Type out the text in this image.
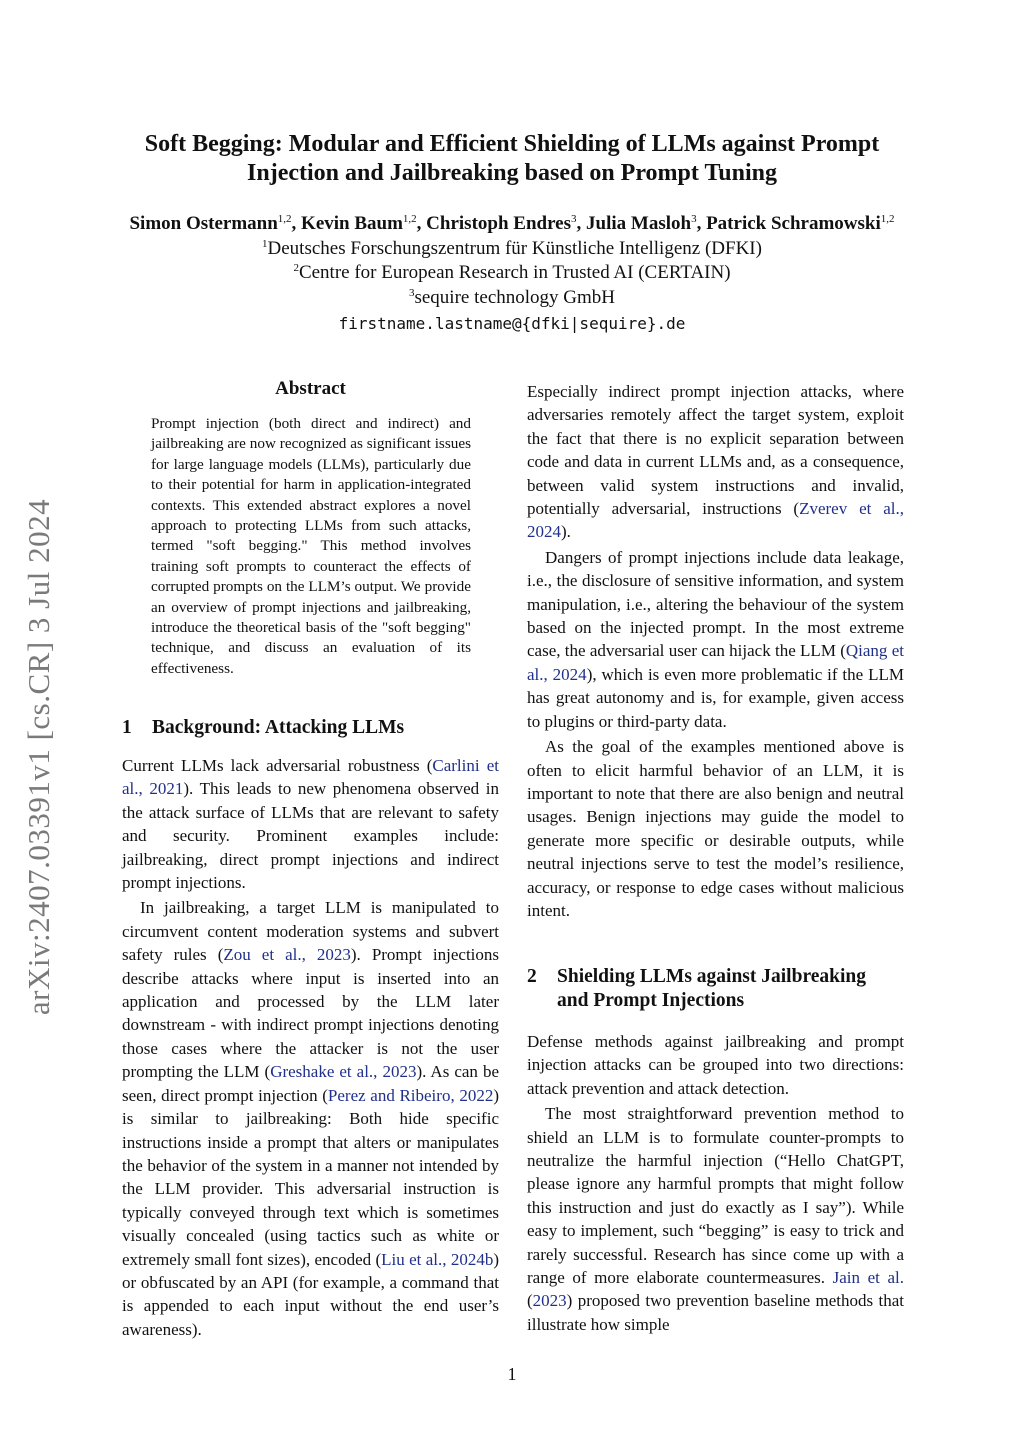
arXiv:2407.03391v1 [cs.CR] 3 Jul 2024
Soft Begging: Modular and Efficient Shielding of LLMs against Prompt
Injection and Jailbreaking based on Prompt Tuning
Simon Ostermann$^{1,2}$, Kevin Baum$^{1,2}$, Christoph Endres$^3$, Julia Masloh$^3$, Patrick Schramowski$^{1,2}$
$^1$Deutsches Forschungszentrum für Künstliche Intelligenz (DFKI)
$^2$Centre for European Research in Trusted AI (CERTAIN)
$^3$sequire technology GmbH
firstname.lastname@{dfki|sequire}.de
Abstract

Prompt injection (both direct and indirect) and jailbreaking are now recognized as significant issues for large language models (LLMs), particularly due to their potential for harm in application-integrated contexts. This extended abstract explores a novel approach to protecting LLMs from such attacks, termed "soft begging." This method involves training soft prompts to counteract the effects of corrupted prompts on the LLM’s output. We provide an overview of prompt injections and jailbreaking, introduce the theoretical basis of the "soft begging" technique, and discuss an evaluation of its effectiveness.

1 Background: Attacking LLMs

Current LLMs lack adversarial robustness (Carlini et al., 2021). This leads to new phenomena observed in the attack surface of LLMs that are relevant to safety and security. Prominent examples include: jailbreaking, direct prompt injections and indirect prompt injections.

In jailbreaking, a target LLM is manipulated to circumvent content moderation systems and subvert safety rules (Zou et al., 2023). Prompt injections describe attacks where input is inserted into an application and processed by the LLM later downstream - with indirect prompt injections denoting those cases where the attacker is not the user prompting the LLM (Greshake et al., 2023). As can be seen, direct prompt injection (Perez and Ribeiro, 2022) is similar to jailbreaking: Both hide specific instructions inside a prompt that alters or manipulates the behavior of the system in a manner not intended by the LLM provider. This adversarial instruction is typically conveyed through text which is sometimes visually concealed (using tactics such as white or extremely small font sizes), encoded (Liu et al., 2024b) or obfuscated by an API (for example, a command that is appended to each input without the end user’s awareness).

Especially indirect prompt injection attacks, where adversaries remotely affect the target system, exploit the fact that there is no explicit separation between code and data in current LLMs and, as a consequence, between valid system instructions and invalid, potentially adversarial, instructions (Zverev et al., 2024).

Dangers of prompt injections include data leakage, i.e., the disclosure of sensitive information, and system manipulation, i.e., altering the behaviour of the system based on the injected prompt. In the most extreme case, the adversarial user can hijack the LLM (Qiang et al., 2024), which is even more problematic if the LLM has great autonomy and is, for example, given access to plugins or third-party data.

As the goal of the examples mentioned above is often to elicit harmful behavior of an LLM, it is important to note that there are also benign and neutral usages. Benign injections may guide the model to generate more specific or desirable outputs, while neutral injections serve to test the model’s resilience, accuracy, or response to edge cases without malicious intent.

2 Shielding LLMs against Jailbreaking
and Prompt Injections

Defense methods against jailbreaking and prompt injection attacks can be grouped into two directions: attack prevention and attack detection.

The most straightforward prevention method to shield an LLM is to formulate counter-prompts to neutralize the harmful injection (“Hello ChatGPT, please ignore any harmful prompts that might follow this instruction and just do exactly as I say”). While easy to implement, such “begging” is easy to trick and rarely successful. Research has since come up with a range of more elaborate countermeasures. Jain et al. (2023) proposed two prevention baseline methods that illustrate how simple

1
